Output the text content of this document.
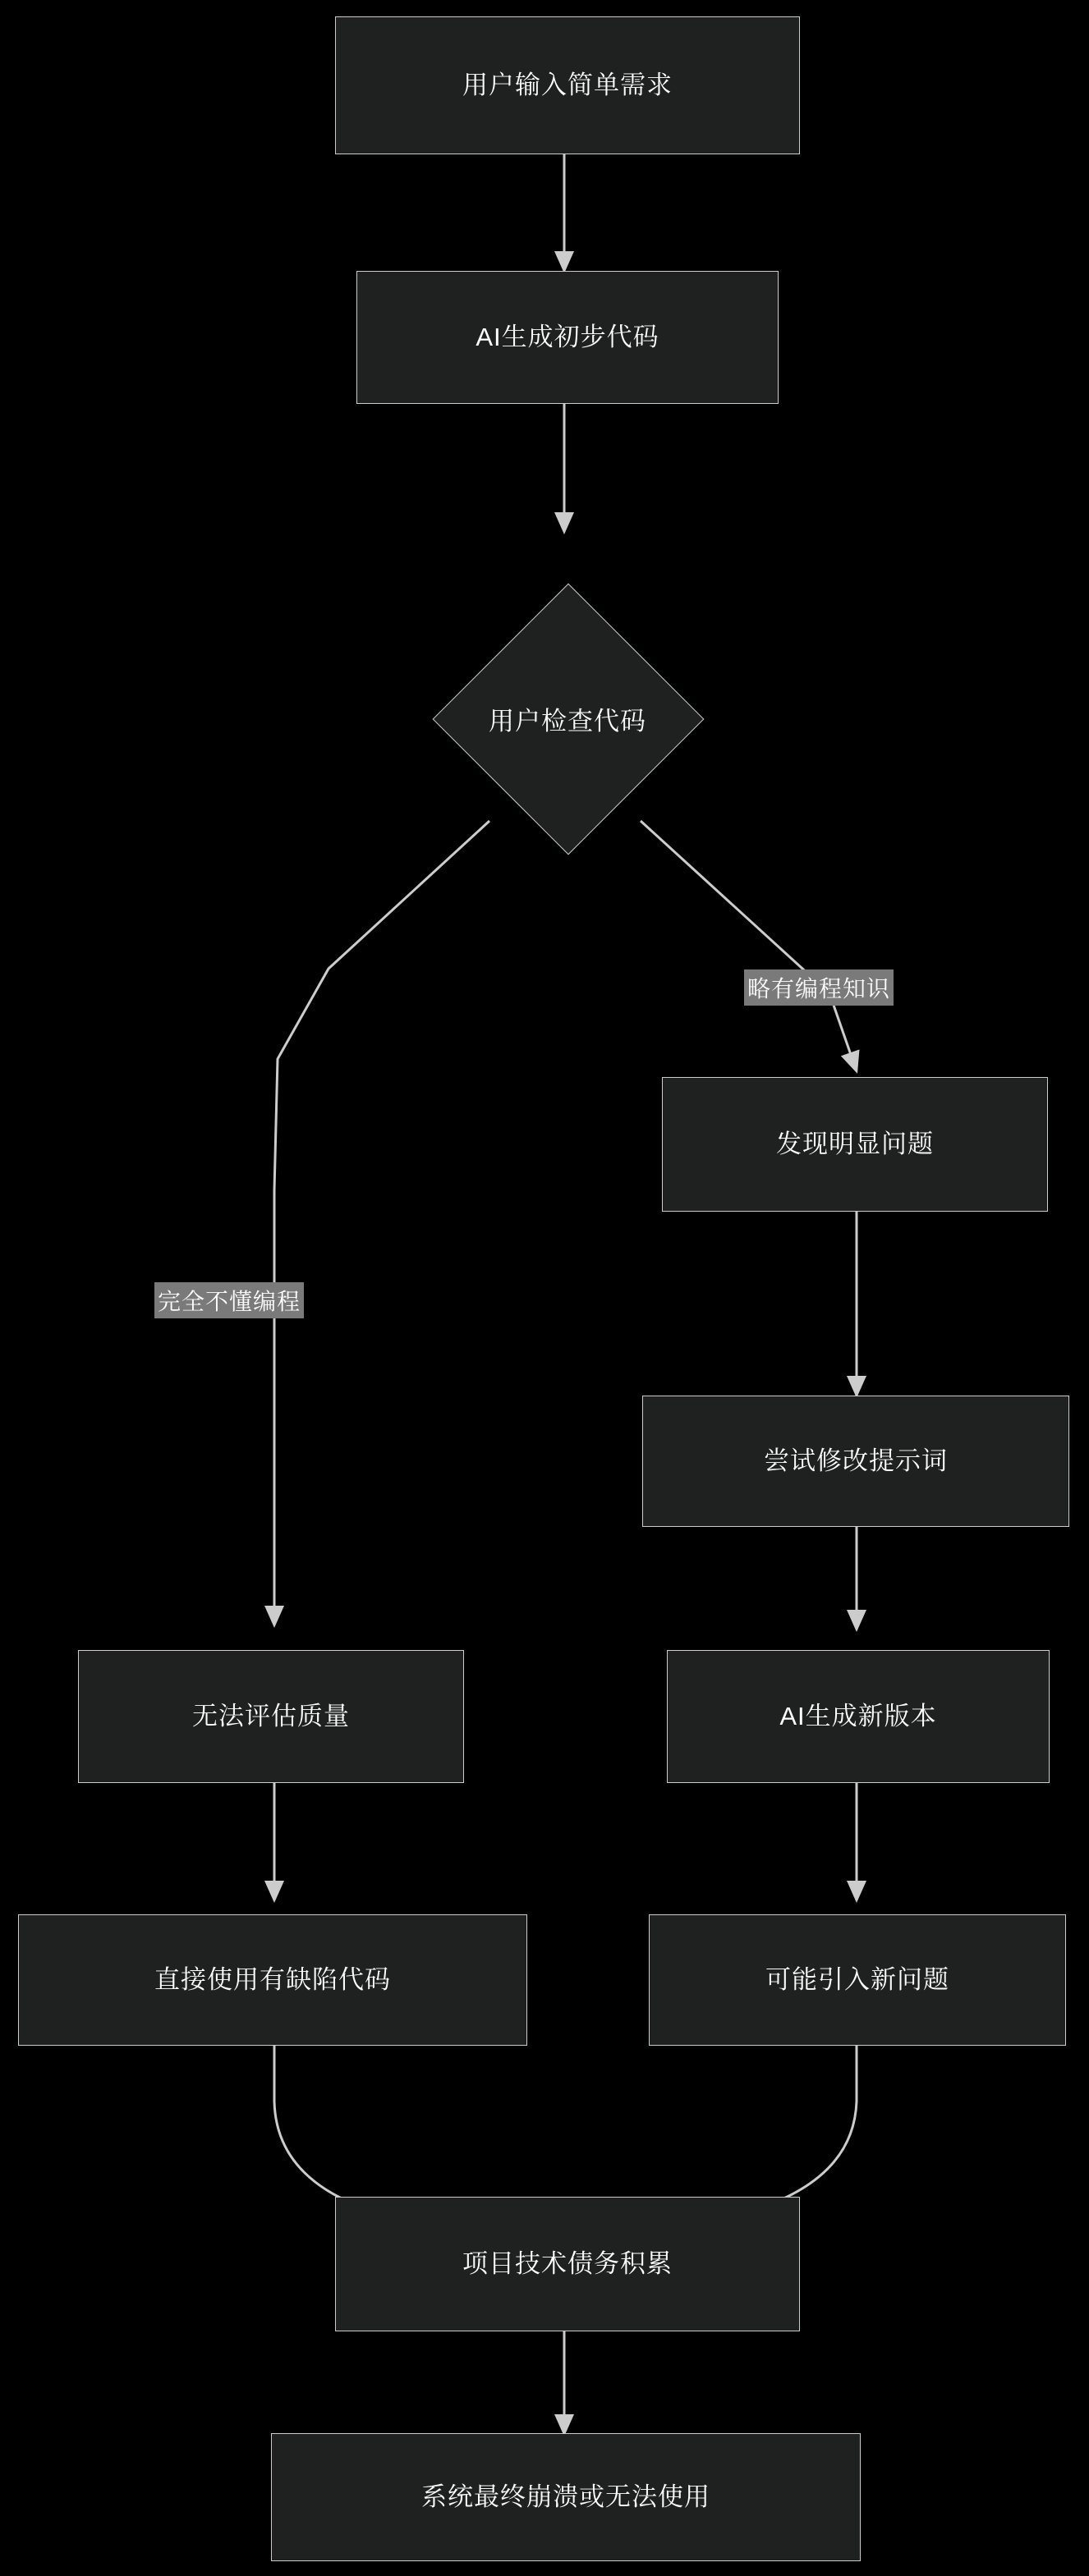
用户输入简单需求
AI生成初步代码
用户检查代码
发现明显问题
尝试修改提示词
AI生成新版本
可能引入新问题
无法评估质量
直接使用有缺陷代码
项目技术债务积累
系统最终崩溃或无法使用
略有编程知识
完全不懂编程
